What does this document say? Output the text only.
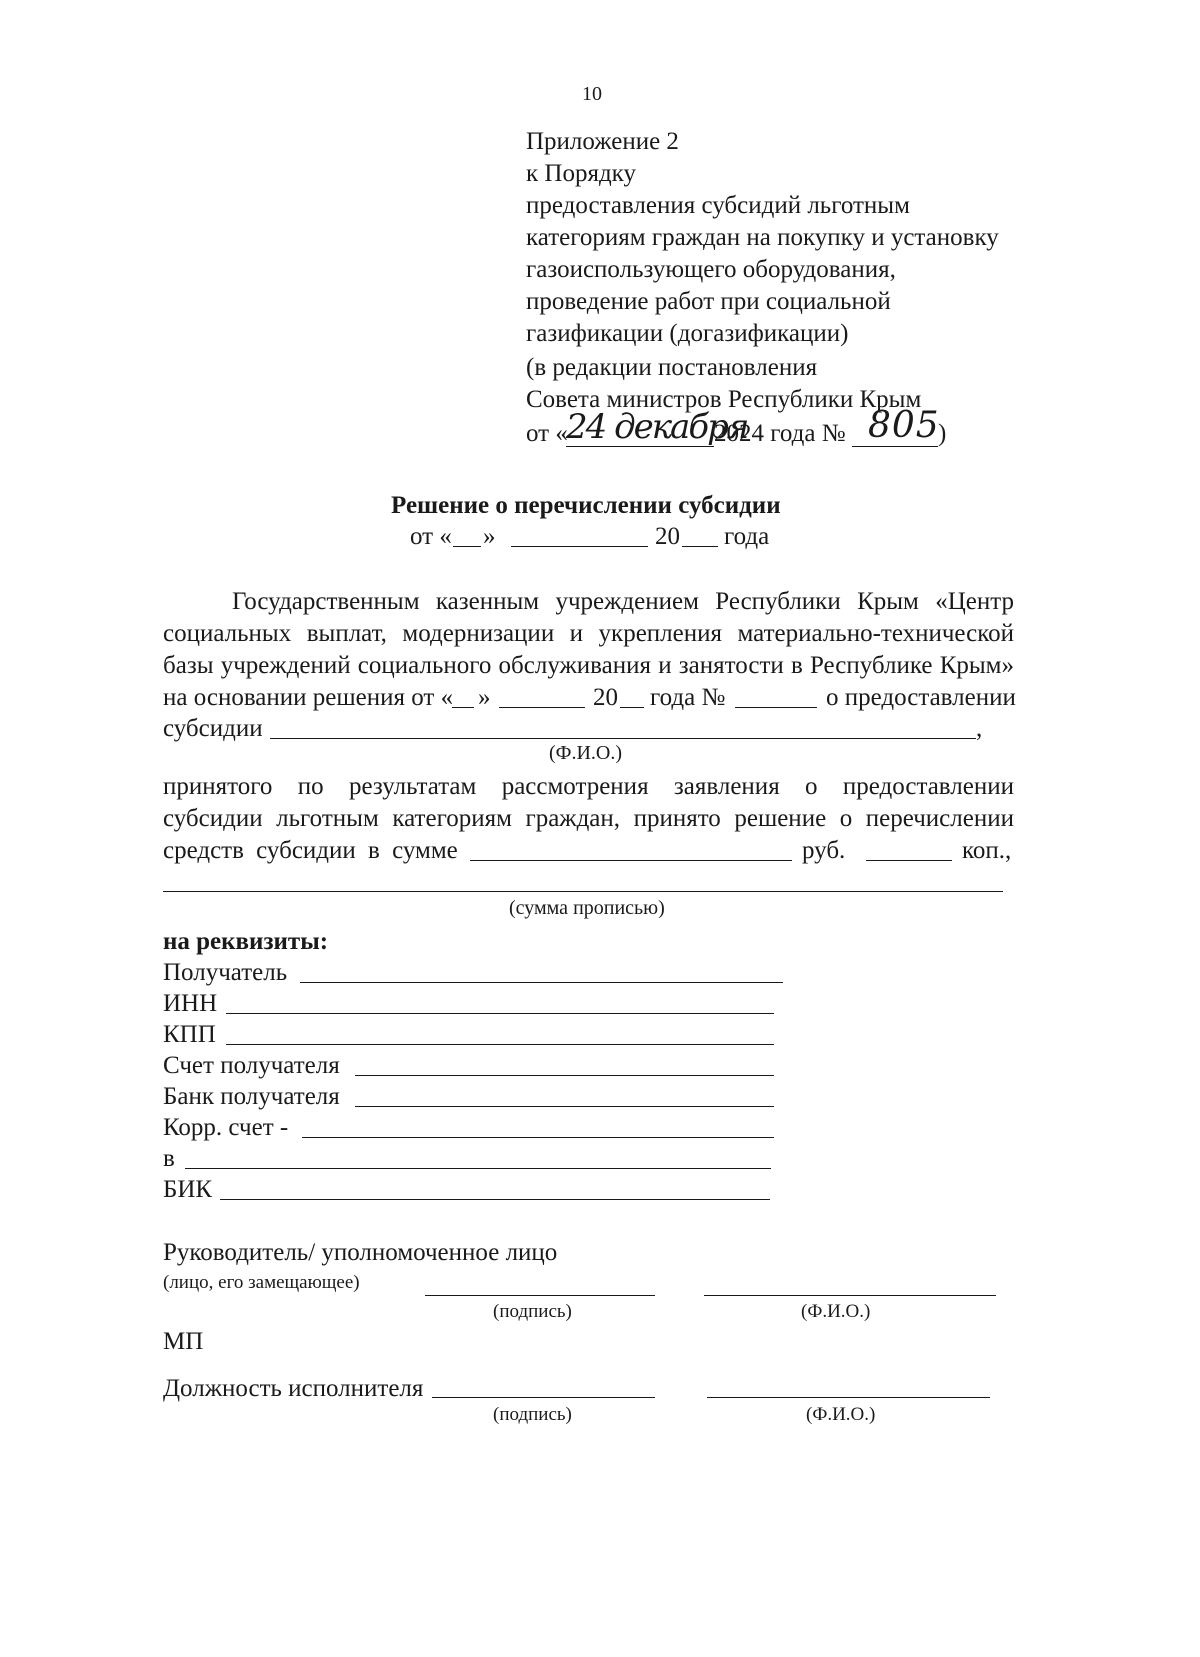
10
Приложение 2
к Порядку
предоставления субсидий льготным
категориям граждан на покупку и установку
газоиспользующего оборудования,
проведение работ при социальной
газификации (догазификации)
(в редакции постановления
Совета министров Республики Крым
от «
24 декабря
2024 года № 805
)
Решение о перечислении субсидии
от « »	20 года
Государственным казенным учреждением Республики Крым «Центр
социальных выплат, модернизации и укрепления материально-технической
базы учреждений социального обслуживания и занятости в Республике Крым»
на основании решения от « »	20 года №	о предоставлении
субсидии	,
(Ф.И.О.)
принятого по результатам рассмотрения заявления о предоставлении
субсидии льготным категориям граждан, принято решение о перечислении
средств субсидии в сумме	руб.	коп.,
(сумма прописью)
на реквизиты:
Получатель
ИНН
КПП
Счет получателя
Банк получателя
Корр. счет -
в
БИК
Руководитель/ уполномоченное лицо
(лицо, его замещающее)
(подпись)	(Ф.И.О.)
МП
Должность исполнителя
(подпись)	(Ф.И.О.)
